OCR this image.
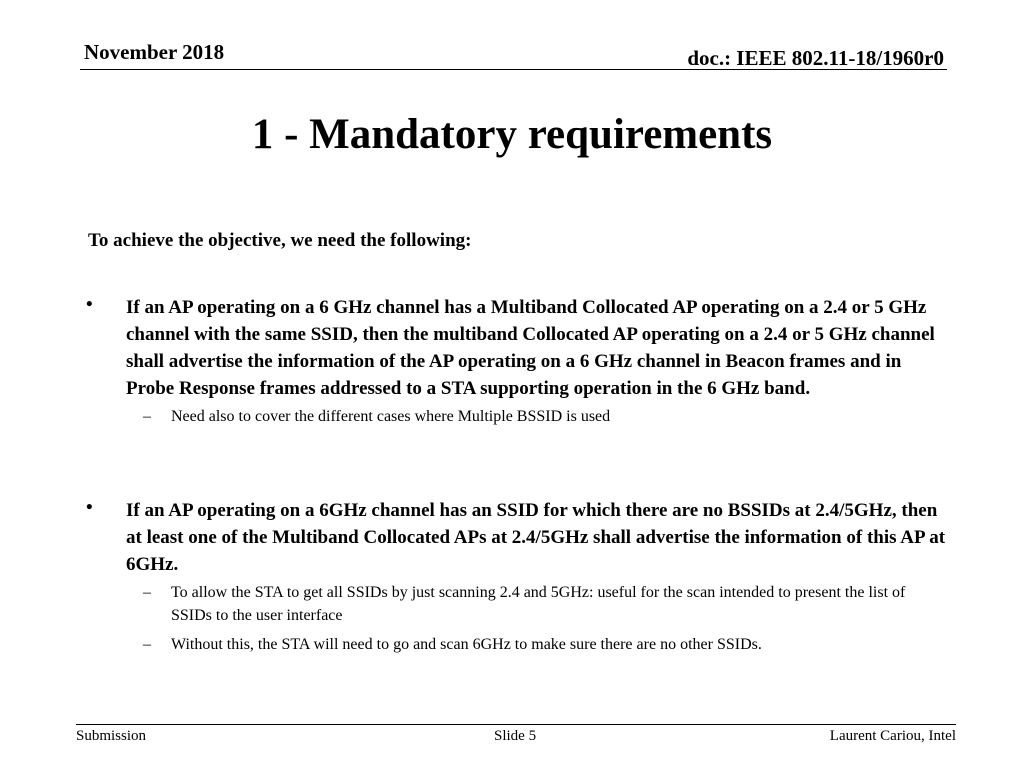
November 2018	doc.: IEEE 802.11-18/1960r0
1 - Mandatory requirements
To achieve the objective, we need the following:
• If an AP operating on a 6 GHz channel has a Multiband Collocated AP operating on a 2.4 or 5 GHz channel with the same SSID, then the multiband Collocated AP operating on a 2.4 or 5 GHz channel shall advertise the information of the AP operating on a 6 GHz channel in Beacon frames and in Probe Response frames addressed to a STA supporting operation in the 6 GHz band.
– Need also to cover the different cases where Multiple BSSID is used
• If an AP operating on a 6GHz channel has an SSID for which there are no BSSIDs at 2.4/5GHz, then at least one of the Multiband Collocated APs at 2.4/5GHz shall advertise the information of this AP at 6GHz.
– To allow the STA to get all SSIDs by just scanning 2.4 and 5GHz: useful for the scan intended to present the list of SSIDs to the user interface
– Without this, the STA will need to go and scan 6GHz to make sure there are no other SSIDs.
Submission	Slide 5	Laurent Cariou, Intel
